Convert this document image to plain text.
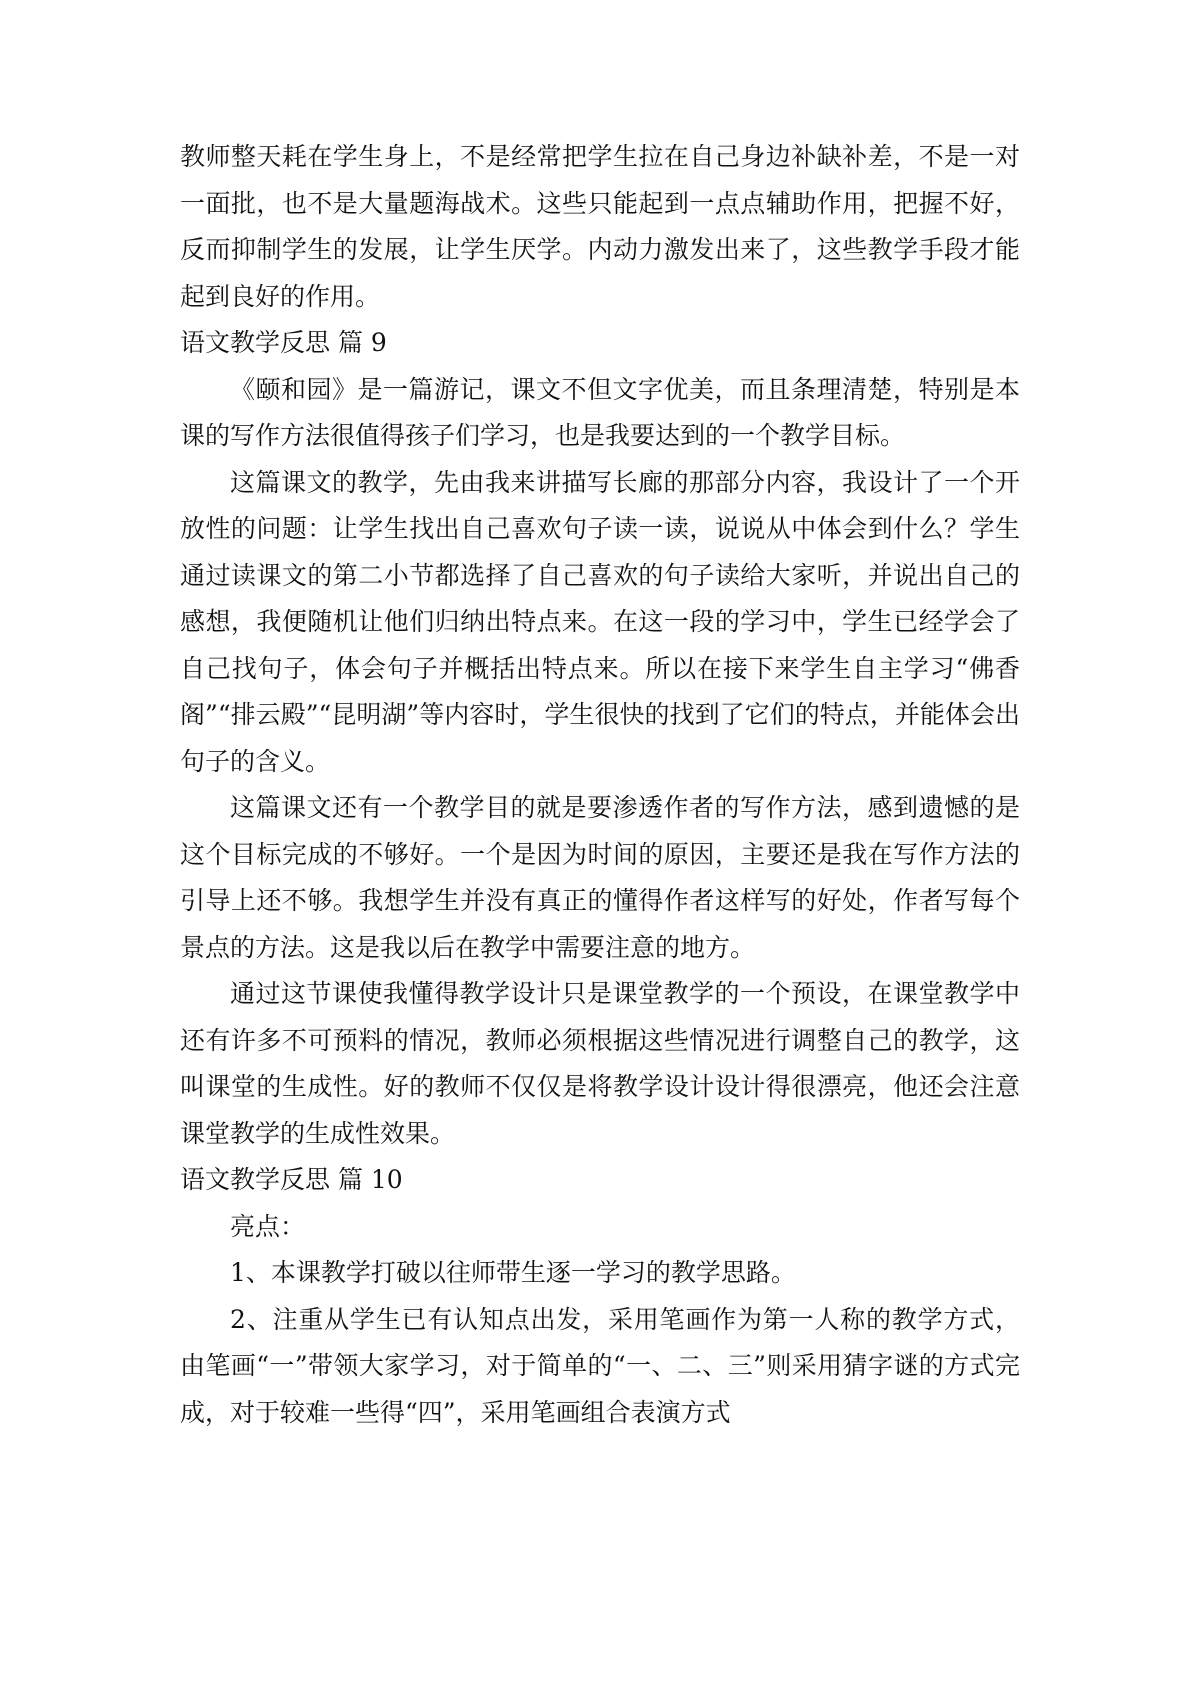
教师整天耗在学生身上，不是经常把学生拉在自己身边补缺补差，不是一对一面批，也不是大量题海战术。这些只能起到一点点辅助作用，把握不好，反而抑制学生的发展，让学生厌学。内动力激发出来了，这些教学手段才能起到良好的作用。

语文教学反思 篇 9

《颐和园》是一篇游记，课文不但文字优美，而且条理清楚，特别是本课的写作方法很值得孩子们学习，也是我要达到的一个教学目标。

这篇课文的教学，先由我来讲描写长廊的那部分内容，我设计了一个开放性的问题：让学生找出自己喜欢句子读一读，说说从中体会到什么？学生通过读课文的第二小节都选择了自己喜欢的句子读给大家听，并说出自己的感想，我便随机让他们归纳出特点来。在这一段的学习中，学生已经学会了自己找句子，体会句子并概括出特点来。所以在接下来学生自主学习“佛香阁”“排云殿”“昆明湖”等内容时，学生很快的找到了它们的特点，并能体会出句子的含义。

这篇课文还有一个教学目的就是要渗透作者的写作方法，感到遗憾的是这个目标完成的不够好。一个是因为时间的原因，主要还是我在写作方法的引导上还不够。我想学生并没有真正的懂得作者这样写的好处，作者写每个景点的方法。这是我以后在教学中需要注意的地方。

通过这节课使我懂得教学设计只是课堂教学的一个预设，在课堂教学中还有许多不可预料的情况，教师必须根据这些情况进行调整自己的教学，这叫课堂的生成性。好的教师不仅仅是将教学设计设计得很漂亮，他还会注意课堂教学的生成性效果。

语文教学反思 篇 10

亮点：

1、本课教学打破以往师带生逐一学习的教学思路。

2、注重从学生已有认知点出发，采用笔画作为第一人称的教学方式，由笔画“一”带领大家学习，对于简单的“一、二、三”则采用猜字谜的方式完成，对于较难一些得“四”，采用笔画组合表演方式
